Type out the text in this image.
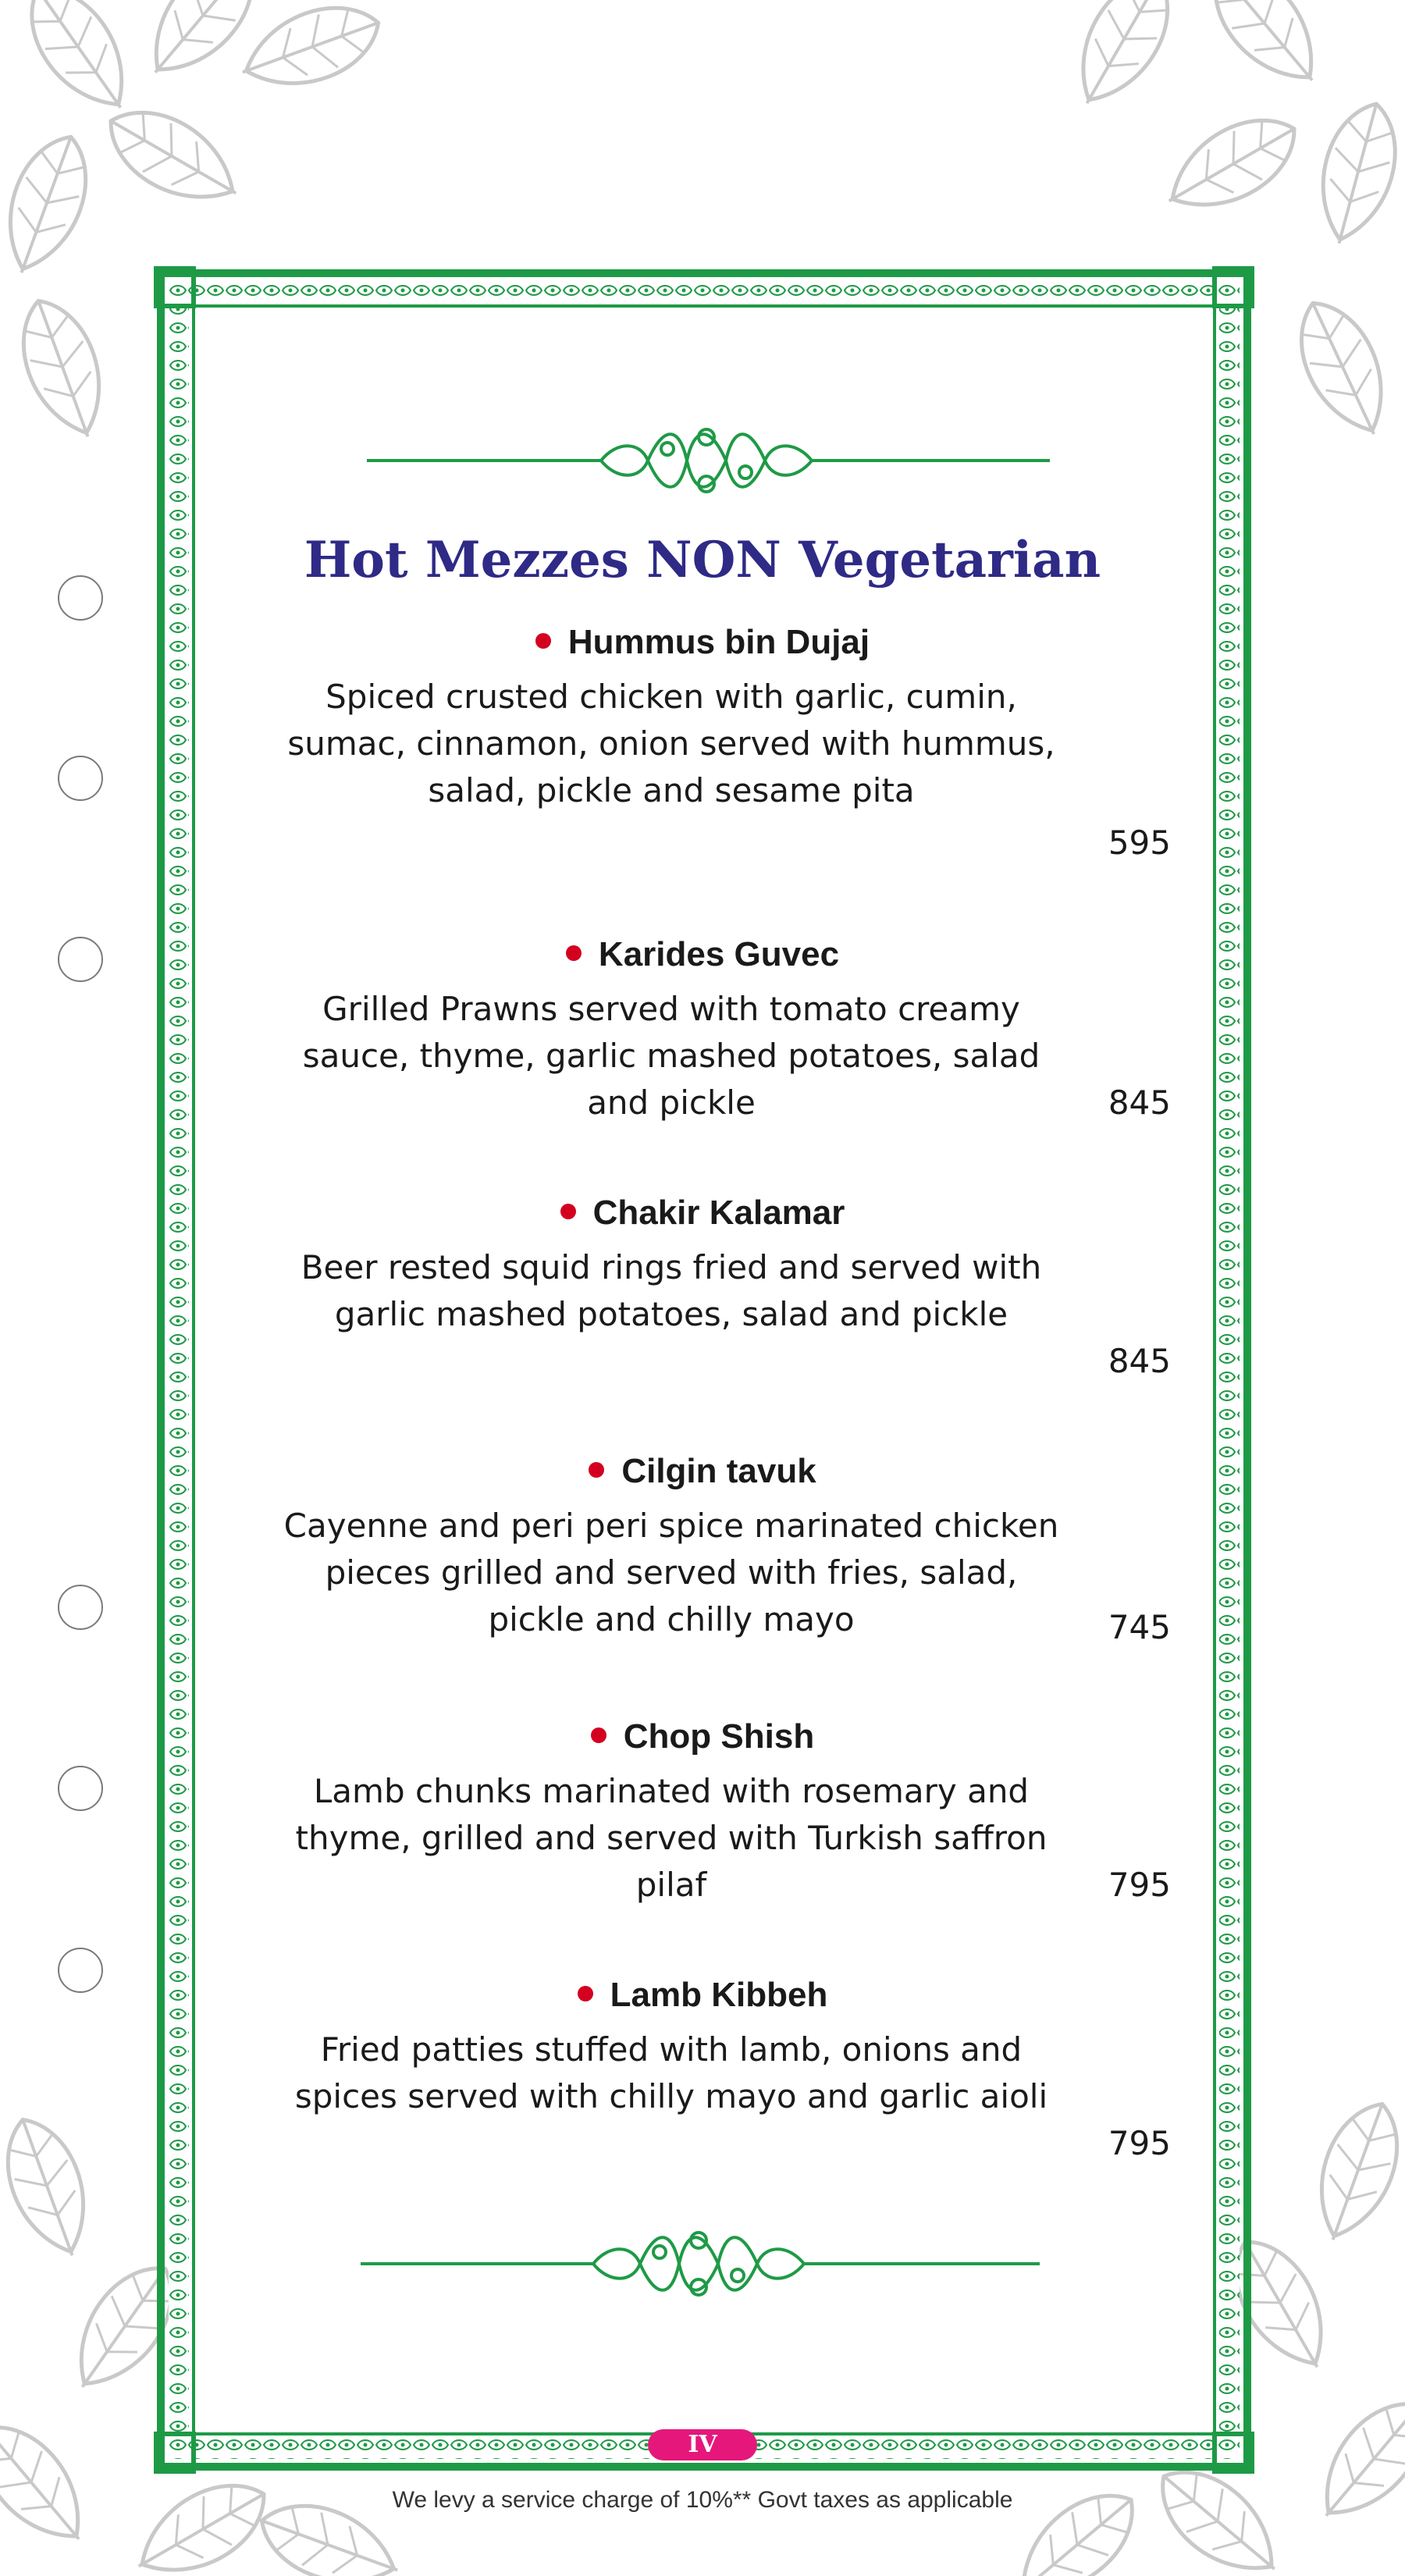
Hot Mezzes NON Vegetarian
Hummus bin Dujaj
Spiced crusted chicken with garlic, cumin, sumac, cinnamon, onion served with hummus, salad, pickle and sesame pita
595
Karides Guvec
Grilled Prawns served with tomato creamy sauce, thyme, garlic mashed potatoes, salad and pickle	845
Chakir Kalamar
Beer rested squid rings fried and served with garlic mashed potatoes, salad and pickle
845
Cilgin tavuk
Cayenne and peri peri spice marinated chicken pieces grilled and served with fries, salad, pickle and chilly mayo	745
Chop Shish
Lamb chunks marinated with rosemary and thyme, grilled and served with Turkish saffron pilaf	795
Lamb Kibbeh
Fried patties stuffed with lamb, onions and spices served with chilly mayo and garlic aioli
795
IV
We levy a service charge of 10%** Govt taxes as applicable
